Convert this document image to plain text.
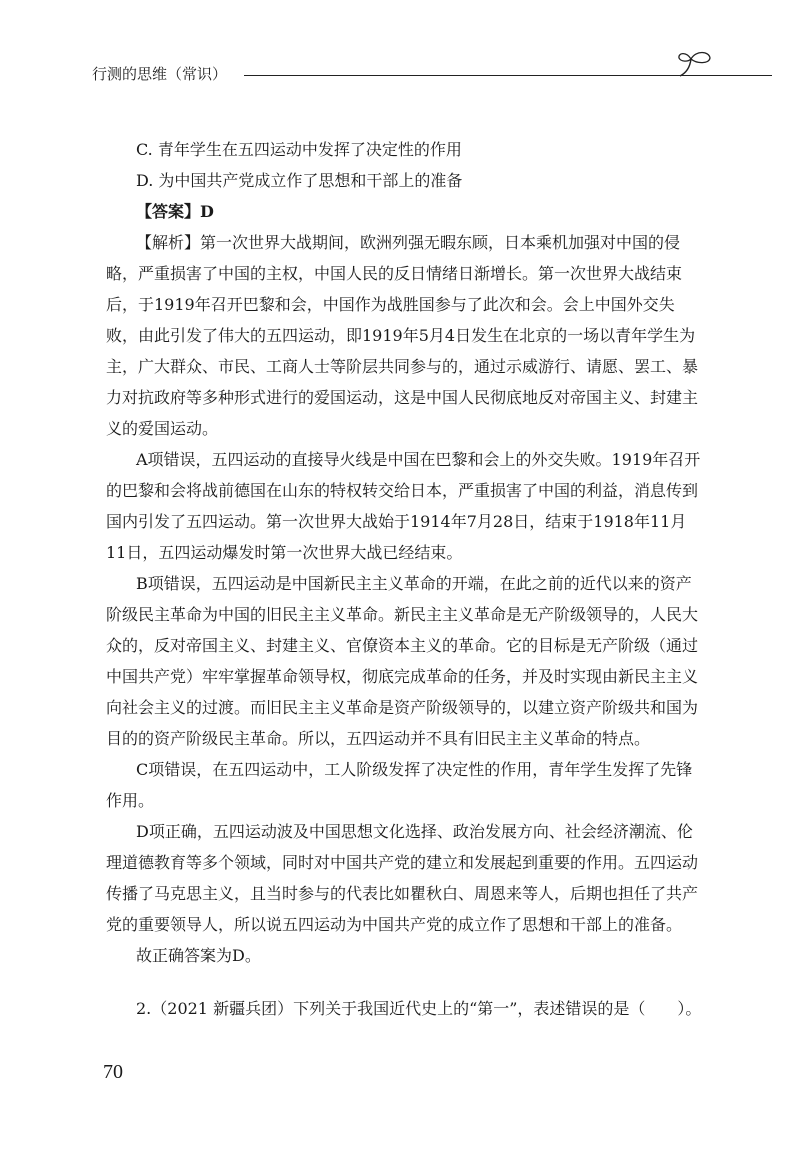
行测的思维（常识）

C. 青年学生在五四运动中发挥了决定性的作用

D. 为中国共产党成立作了思想和干部上的准备

【答案】D

【解析】第一次世界大战期间，欧洲列强无暇东顾，日本乘机加强对中国的侵略，严重损害了中国的主权，中国人民的反日情绪日渐增长。第一次世界大战结束后，于1919年召开巴黎和会，中国作为战胜国参与了此次和会。会上中国外交失败，由此引发了伟大的五四运动，即1919年5月4日发生在北京的一场以青年学生为主，广大群众、市民、工商人士等阶层共同参与的，通过示威游行、请愿、罢工、暴力对抗政府等多种形式进行的爱国运动，这是中国人民彻底地反对帝国主义、封建主义的爱国运动。

A项错误，五四运动的直接导火线是中国在巴黎和会上的外交失败。1919年召开的巴黎和会将战前德国在山东的特权转交给日本，严重损害了中国的利益，消息传到国内引发了五四运动。第一次世界大战始于1914年7月28日，结束于1918年11月11日，五四运动爆发时第一次世界大战已经结束。

B项错误，五四运动是中国新民主主义革命的开端，在此之前的近代以来的资产阶级民主革命为中国的旧民主主义革命。新民主主义革命是无产阶级领导的，人民大众的，反对帝国主义、封建主义、官僚资本主义的革命。它的目标是无产阶级（通过中国共产党）牢牢掌握革命领导权，彻底完成革命的任务，并及时实现由新民主主义向社会主义的过渡。而旧民主主义革命是资产阶级领导的，以建立资产阶级共和国为目的的资产阶级民主革命。所以，五四运动并不具有旧民主主义革命的特点。

C项错误，在五四运动中，工人阶级发挥了决定性的作用，青年学生发挥了先锋作用。

D项正确，五四运动波及中国思想文化选择、政治发展方向、社会经济潮流、伦理道德教育等多个领域，同时对中国共产党的建立和发展起到重要的作用。五四运动传播了马克思主义，且当时参与的代表比如瞿秋白、周恩来等人，后期也担任了共产党的重要领导人，所以说五四运动为中国共产党的成立作了思想和干部上的准备。

故正确答案为D。

2.（2021 新疆兵团）下列关于我国近代史上的“第一”，表述错误的是（　　）。

70
